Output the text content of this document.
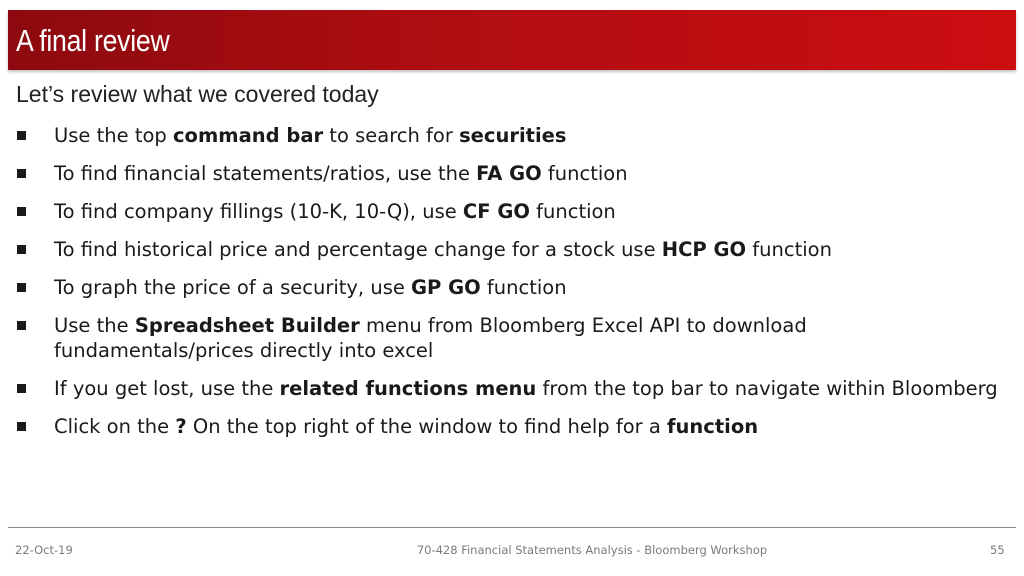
A final review
Let’s review what we covered today
Use the top command bar to search for securities
To find financial statements/ratios, use the FA GO function
To find company fillings (10-K, 10-Q), use CF GO function
To find historical price and percentage change for a stock use HCP GO function
To graph the price of a security, use GP GO function
Use the Spreadsheet Builder menu from Bloomberg Excel API to download fundamentals/prices directly into excel
If you get lost, use the related functions menu from the top bar to navigate within Bloomberg
Click on the ? On the top right of the window to find help for a function
22-Oct-19	70-428 Financial Statements Analysis - Bloomberg Workshop	55
